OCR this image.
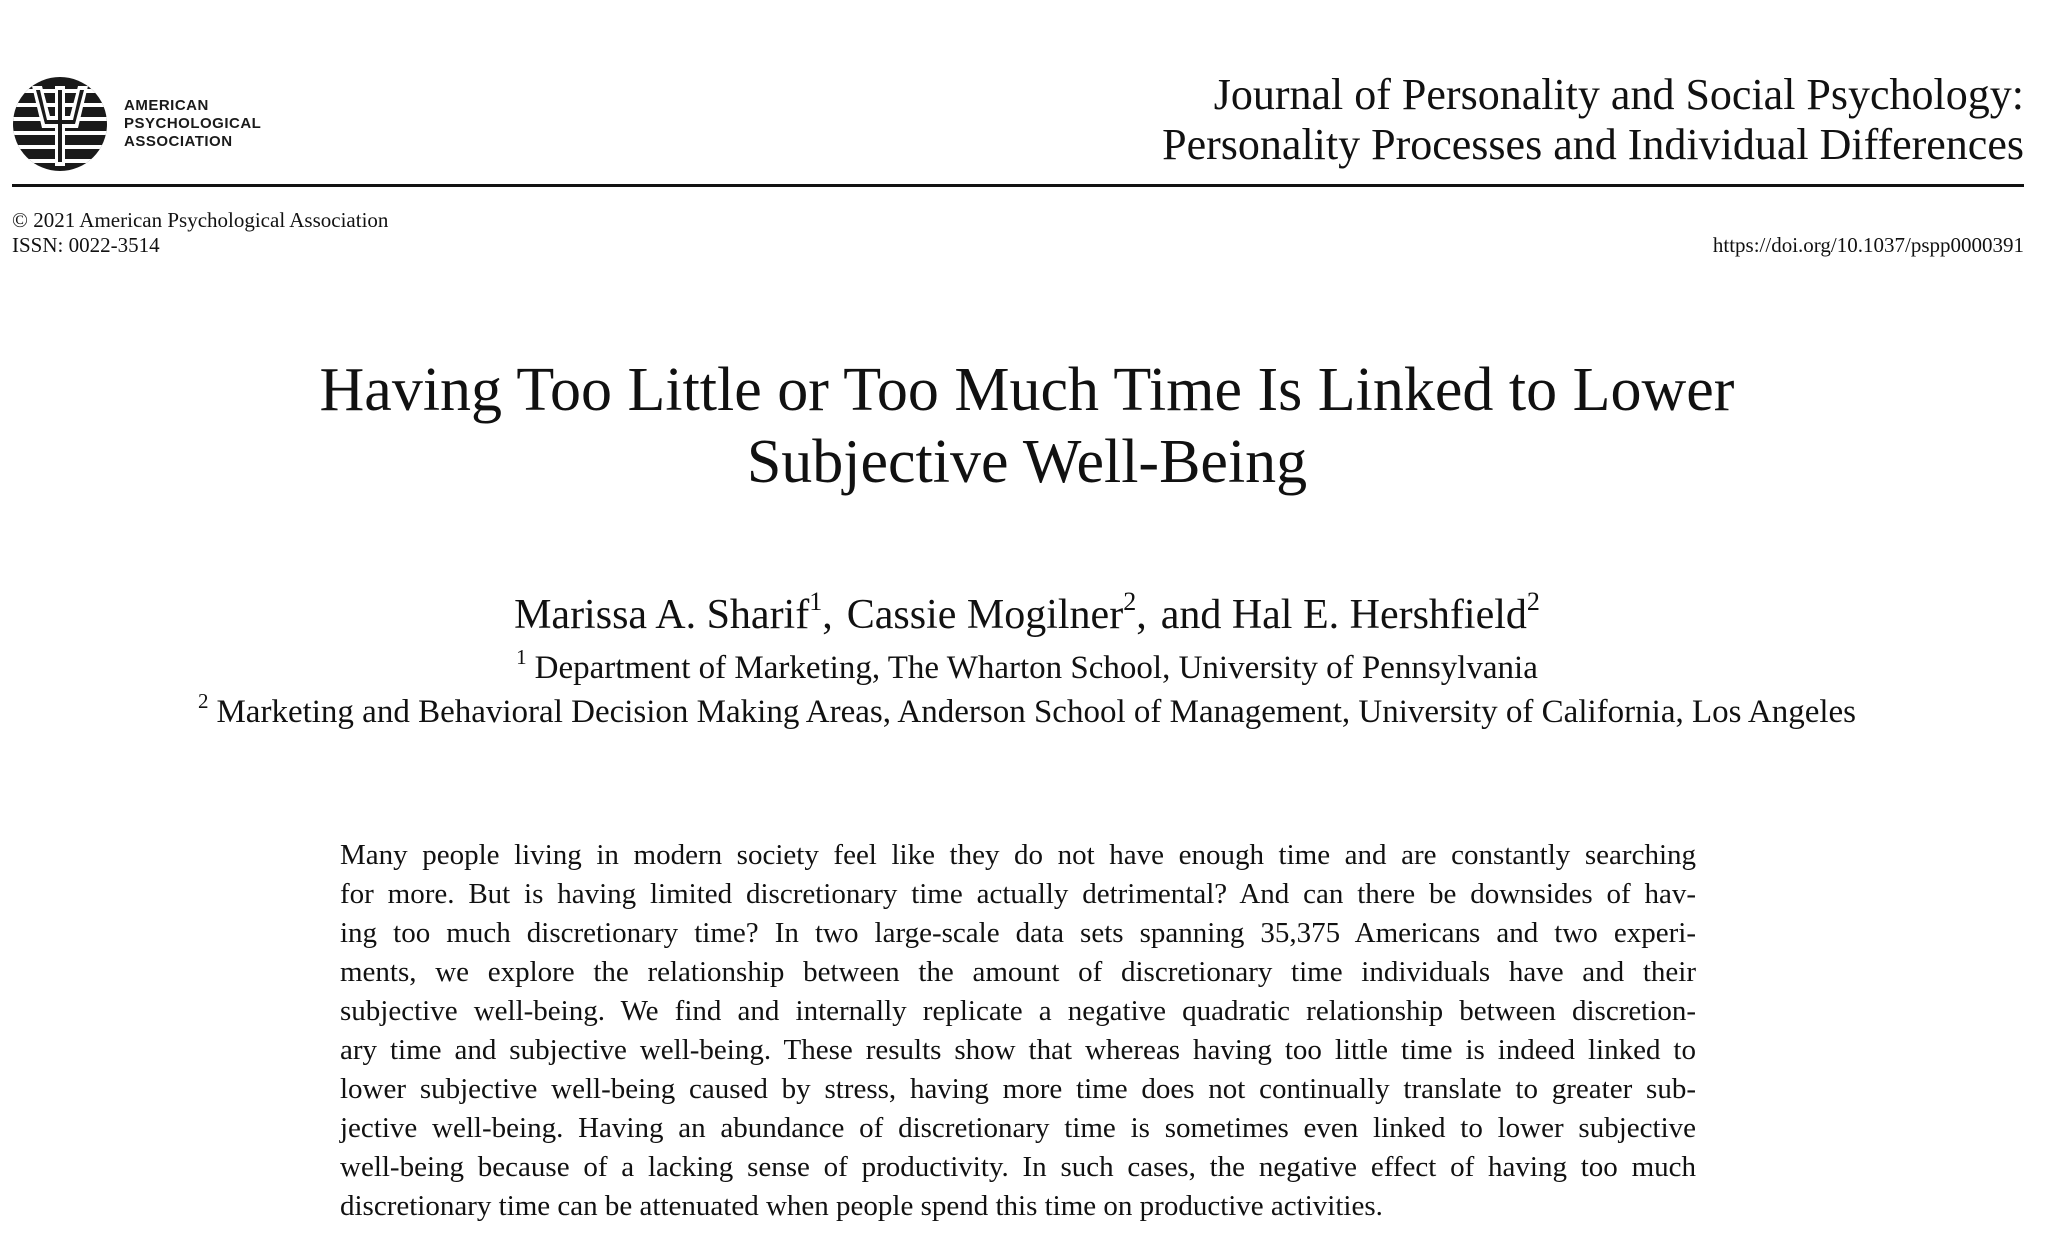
AMERICAN
PSYCHOLOGICAL
ASSOCIATION
Journal of Personality and Social Psychology:
Personality Processes and Individual Differences
© 2021 American Psychological Association
ISSN: 0022-3514	https://doi.org/10.1037/pspp0000391
Having Too Little or Too Much Time Is Linked to Lower
Subjective Well-Being
Marissa A. Sharif$^1$, Cassie Mogilner$^2$, and Hal E. Hershfield$^2$
$^1$ Department of Marketing, The Wharton School, University of Pennsylvania
$^2$ Marketing and Behavioral Decision Making Areas, Anderson School of Management, University of California, Los Angeles
Many people living in modern society feel like they do not have enough time and are constantly searching
for more. But is having limited discretionary time actually detrimental? And can there be downsides of hav-
ing too much discretionary time? In two large-scale data sets spanning 35,375 Americans and two experi-
ments, we explore the relationship between the amount of discretionary time individuals have and their
subjective well-being. We find and internally replicate a negative quadratic relationship between discretion-
ary time and subjective well-being. These results show that whereas having too little time is indeed linked to
lower subjective well-being caused by stress, having more time does not continually translate to greater sub-
jective well-being. Having an abundance of discretionary time is sometimes even linked to lower subjective
well-being because of a lacking sense of productivity. In such cases, the negative effect of having too much
discretionary time can be attenuated when people spend this time on productive activities.
